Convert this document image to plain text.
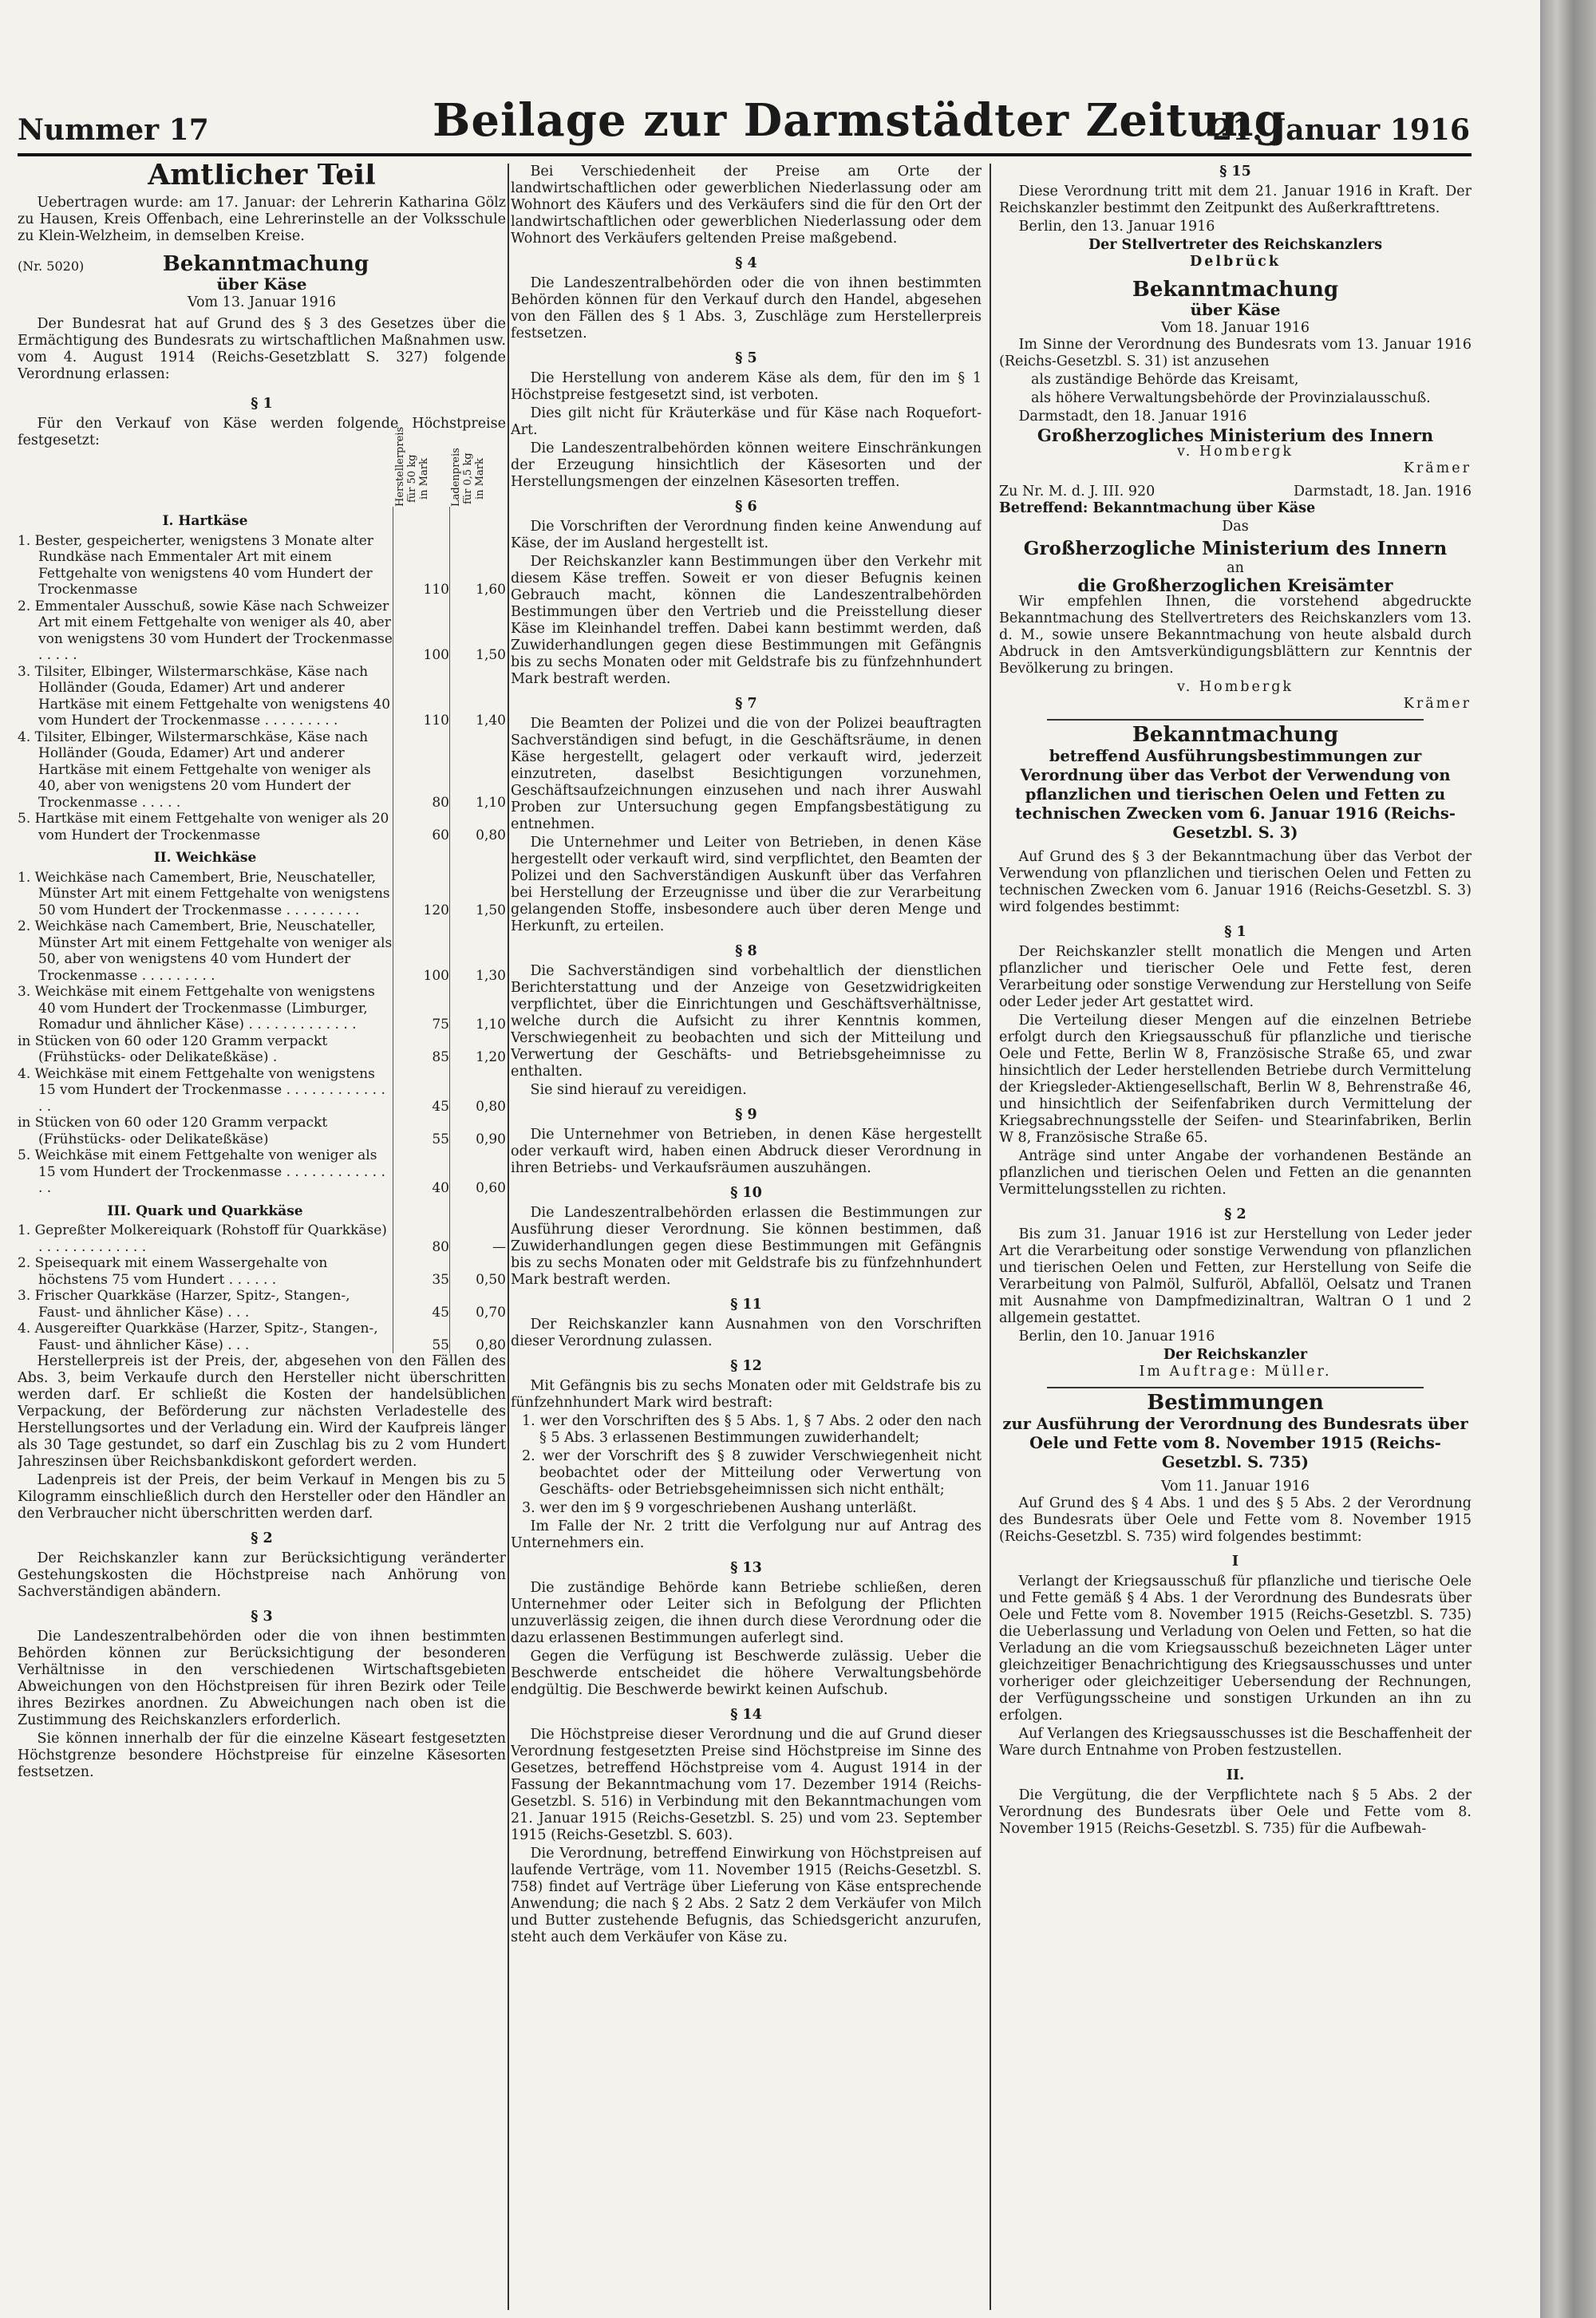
Nummer 17	Beilage zur Darmstädter Zeitung
21. Januar 1916
Amtlicher Teil

Uebertragen wurde: am 17. Januar: der Lehrerin Katharina Gölz zu Hausen, Kreis Offenbach, eine Lehrerinstelle an der Volksschule zu Klein-Welzheim, in demselben Kreise.

(Nr. 5020)	Bekanntmachung
über Käse
Vom 13. Januar 1916

Der Bundesrat hat auf Grund des § 3 des Gesetzes über die Ermächtigung des Bundesrats zu wirtschaftlichen Maßnahmen usw. vom 4. August 1914 (Reichs-Gesetzblatt S. 327) folgende Verordnung erlassen:

§ 1

Für den Verkauf von Käse werden folgende Höchstpreise festgesetzt:	Herstellerpreis für 50 kg in Mark	Ladenpreis für 0,5 kg in Mark
I. Hartkäse		
1. Bester, gespeicherter, wenigstens 3 Monate alter Rundkäse nach Emmentaler Art mit einem Fettgehalte von wenigstens 40 vom Hundert der Trockenmasse	110	1,60
2. Emmentaler Ausschuß, sowie Käse nach Schweizer Art mit einem Fettgehalte von weniger als 40, aber von wenigstens 30 vom Hundert der Trockenmasse . . . . .	100	1,50
3. Tilsiter, Elbinger, Wilstermarschkäse, Käse nach Holländer (Gouda, Edamer) Art und anderer Hartkäse mit einem Fettgehalte von wenigstens 40 vom Hundert der Trockenmasse . . . . . . . . .	110	1,40
4. Tilsiter, Elbinger, Wilstermarschkäse, Käse nach Holländer (Gouda, Edamer) Art und anderer Hartkäse mit einem Fettgehalte von weniger als 40, aber von wenigstens 20 vom Hundert der Trockenmasse . . . . .	80	1,10
5. Hartkäse mit einem Fettgehalte von weniger als 20 vom Hundert der Trockenmasse	60	0,80
II. Weichkäse		
1. Weichkäse nach Camembert, Brie, Neuschateller, Münster Art mit einem Fettgehalte von wenigstens 50 vom Hundert der Trockenmasse . . . . . . . . .	120	1,50
2. Weichkäse nach Camembert, Brie, Neuschateller, Münster Art mit einem Fettgehalte von weniger als 50, aber von wenigstens 40 vom Hundert der Trockenmasse . . . . . . . . .	100	1,30
3. Weichkäse mit einem Fettgehalte von wenigstens 40 vom Hundert der Trockenmasse (Limburger, Romadur und ähnlicher Käse) . . . . . . . . . . . . .	75	1,10
in Stücken von 60 oder 120 Gramm verpackt (Frühstücks- oder Delikateßkäse) .	85	1,20
4. Weichkäse mit einem Fettgehalte von wenigstens 15 vom Hundert der Trockenmasse . . . . . . . . . . . . . .	45	0,80
in Stücken von 60 oder 120 Gramm verpackt (Frühstücks- oder Delikateßkäse)	55	0,90
5. Weichkäse mit einem Fettgehalte von weniger als 15 vom Hundert der Trockenmasse . . . . . . . . . . . . . .	40	0,60
III. Quark und Quarkkäse		
1. Gepreßter Molkereiquark (Rohstoff für Quarkkäse) . . . . . . . . . . . . .	80	—
2. Speisequark mit einem Wassergehalte von höchstens 75 vom Hundert . . . . . .	35	0,50
3. Frischer Quarkkäse (Harzer, Spitz-, Stangen-, Faust- und ähnlicher Käse) . . .	45	0,70
4. Ausgereifter Quarkkäse (Harzer, Spitz-, Stangen-, Faust- und ähnlicher Käse) . . .	55	0,80

Herstellerpreis ist der Preis, der, abgesehen von den Fällen des Abs. 3, beim Verkaufe durch den Hersteller nicht überschritten werden darf. Er schließt die Kosten der handelsüblichen Verpackung, der Beförderung zur nächsten Verladestelle des Herstellungsortes und der Verladung ein. Wird der Kaufpreis länger als 30 Tage gestundet, so darf ein Zuschlag bis zu 2 vom Hundert Jahreszinsen über Reichsbankdiskont gefordert werden.

Ladenpreis ist der Preis, der beim Verkauf in Mengen bis zu 5 Kilogramm einschließlich durch den Hersteller oder den Händler an den Verbraucher nicht überschritten werden darf.

§ 2

Der Reichskanzler kann zur Berücksichtigung veränderter Gestehungskosten die Höchstpreise nach Anhörung von Sachverständigen abändern.

§ 3

Die Landeszentralbehörden oder die von ihnen bestimmten Behörden können zur Berücksichtigung der besonderen Verhältnisse in den verschiedenen Wirtschaftsgebieten Abweichungen von den Höchstpreisen für ihren Bezirk oder Teile ihres Bezirkes anordnen. Zu Abweichungen nach oben ist die Zustimmung des Reichskanzlers erforderlich.

Sie können innerhalb der für die einzelne Käseart festgesetzten Höchstgrenze besondere Höchstpreise für einzelne Käsesorten festsetzen.

Bei Verschiedenheit der Preise am Orte der landwirtschaftlichen oder gewerblichen Niederlassung oder am Wohnort des Käufers und des Verkäufers sind die für den Ort der landwirtschaftlichen oder gewerblichen Niederlassung oder dem Wohnort des Verkäufers geltenden Preise maßgebend.

§ 4

Die Landeszentralbehörden oder die von ihnen bestimmten Behörden können für den Verkauf durch den Handel, abgesehen von den Fällen des § 1 Abs. 3, Zuschläge zum Herstellerpreis festsetzen.

§ 5

Die Herstellung von anderem Käse als dem, für den im § 1 Höchstpreise festgesetzt sind, ist verboten.

Dies gilt nicht für Kräuterkäse und für Käse nach Roquefort-Art.

Die Landeszentralbehörden können weitere Einschränkungen der Erzeugung hinsichtlich der Käsesorten und der Herstellungsmengen der einzelnen Käsesorten treffen.

§ 6

Die Vorschriften der Verordnung finden keine Anwendung auf Käse, der im Ausland hergestellt ist.

Der Reichskanzler kann Bestimmungen über den Verkehr mit diesem Käse treffen. Soweit er von dieser Befugnis keinen Gebrauch macht, können die Landeszentralbehörden Bestimmungen über den Vertrieb und die Preisstellung dieser Käse im Kleinhandel treffen. Dabei kann bestimmt werden, daß Zuwiderhandlungen gegen diese Bestimmungen mit Gefängnis bis zu sechs Monaten oder mit Geldstrafe bis zu fünfzehnhundert Mark bestraft werden.

§ 7

Die Beamten der Polizei und die von der Polizei beauftragten Sachverständigen sind befugt, in die Geschäftsräume, in denen Käse hergestellt, gelagert oder verkauft wird, jederzeit einzutreten, daselbst Besichtigungen vorzunehmen, Geschäftsaufzeichnungen einzusehen und nach ihrer Auswahl Proben zur Untersuchung gegen Empfangsbestätigung zu entnehmen.

Die Unternehmer und Leiter von Betrieben, in denen Käse hergestellt oder verkauft wird, sind verpflichtet, den Beamten der Polizei und den Sachverständigen Auskunft über das Verfahren bei Herstellung der Erzeugnisse und über die zur Verarbeitung gelangenden Stoffe, insbesondere auch über deren Menge und Herkunft, zu erteilen.

§ 8

Die Sachverständigen sind vorbehaltlich der dienstlichen Berichterstattung und der Anzeige von Gesetzwidrigkeiten verpflichtet, über die Einrichtungen und Geschäftsverhältnisse, welche durch die Aufsicht zu ihrer Kenntnis kommen, Verschwiegenheit zu beobachten und sich der Mitteilung und Verwertung der Geschäfts- und Betriebsgeheimnisse zu enthalten.

Sie sind hierauf zu vereidigen.

§ 9

Die Unternehmer von Betrieben, in denen Käse hergestellt oder verkauft wird, haben einen Abdruck dieser Verordnung in ihren Betriebs- und Verkaufsräumen auszuhängen.

§ 10

Die Landeszentralbehörden erlassen die Bestimmungen zur Ausführung dieser Verordnung. Sie können bestimmen, daß Zuwiderhandlungen gegen diese Bestimmungen mit Gefängnis bis zu sechs Monaten oder mit Geldstrafe bis zu fünfzehnhundert Mark bestraft werden.

§ 11

Der Reichskanzler kann Ausnahmen von den Vorschriften dieser Verordnung zulassen.

§ 12

Mit Gefängnis bis zu sechs Monaten oder mit Geldstrafe bis zu fünfzehnhundert Mark wird bestraft:

1. wer den Vorschriften des § 5 Abs. 1, § 7 Abs. 2 oder den nach § 5 Abs. 3 erlassenen Bestimmungen zuwiderhandelt;

2. wer der Vorschrift des § 8 zuwider Verschwiegenheit nicht beobachtet oder der Mitteilung oder Verwertung von Geschäfts- oder Betriebsgeheimnissen sich nicht enthält;

3. wer den im § 9 vorgeschriebenen Aushang unterläßt.

Im Falle der Nr. 2 tritt die Verfolgung nur auf Antrag des Unternehmers ein.

§ 13

Die zuständige Behörde kann Betriebe schließen, deren Unternehmer oder Leiter sich in Befolgung der Pflichten unzuverlässig zeigen, die ihnen durch diese Verordnung oder die dazu erlassenen Bestimmungen auferlegt sind.

Gegen die Verfügung ist Beschwerde zulässig. Ueber die Beschwerde entscheidet die höhere Verwaltungsbehörde endgültig. Die Beschwerde bewirkt keinen Aufschub.

§ 14

Die Höchstpreise dieser Verordnung und die auf Grund dieser Verordnung festgesetzten Preise sind Höchstpreise im Sinne des Gesetzes, betreffend Höchstpreise vom 4. August 1914 in der Fassung der Bekanntmachung vom 17. Dezember 1914 (Reichs-Gesetzbl. S. 516) in Verbindung mit den Bekanntmachungen vom 21. Januar 1915 (Reichs-Gesetzbl. S. 25) und vom 23. September 1915 (Reichs-Gesetzbl. S. 603).

Die Verordnung, betreffend Einwirkung von Höchstpreisen auf laufende Verträge, vom 11. November 1915 (Reichs-Gesetzbl. S. 758) findet auf Verträge über Lieferung von Käse entsprechende Anwendung; die nach § 2 Abs. 2 Satz 2 dem Verkäufer von Milch und Butter zustehende Befugnis, das Schiedsgericht anzurufen, steht auch dem Verkäufer von Käse zu.

§ 15

Diese Verordnung tritt mit dem 21. Januar 1916 in Kraft. Der Reichskanzler bestimmt den Zeitpunkt des Außerkrafttretens.

Berlin, den 13. Januar 1916

Der Stellvertreter des Reichskanzlers
Delbrück
Bekanntmachung
über Käse
Vom 18. Januar 1916

Im Sinne der Verordnung des Bundesrats vom 13. Januar 1916 (Reichs-Gesetzbl. S. 31) ist anzusehen

als zuständige Behörde das Kreisamt,

als höhere Verwaltungsbehörde der Provinzialausschuß.

Darmstadt, den 18. Januar 1916

Großherzogliches Ministerium des Innern
v. Hombergk
Krämer
Zu Nr. M. d. J. III. 920	Darmstadt, 18. Jan. 1916

Betreffend: Bekanntmachung über Käse

Das
Großherzogliche Ministerium des Innern
an
die Großherzoglichen Kreisämter

Wir empfehlen Ihnen, die vorstehend abgedruckte Bekanntmachung des Stellvertreters des Reichskanzlers vom 13. d. M., sowie unsere Bekanntmachung von heute alsbald durch Abdruck in den Amtsverkündigungsblättern zur Kenntnis der Bevölkerung zu bringen.

v. Hombergk
Krämer
Bekanntmachung
betreffend Ausführungsbestimmungen zur Verordnung über das Verbot der Verwendung von pflanzlichen und tierischen Oelen und Fetten zu technischen Zwecken vom 6. Januar 1916 (Reichs-Gesetzbl. S. 3)

Auf Grund des § 3 der Bekanntmachung über das Verbot der Verwendung von pflanzlichen und tierischen Oelen und Fetten zu technischen Zwecken vom 6. Januar 1916 (Reichs-Gesetzbl. S. 3) wird folgendes bestimmt:

§ 1

Der Reichskanzler stellt monatlich die Mengen und Arten pflanzlicher und tierischer Oele und Fette fest, deren Verarbeitung oder sonstige Verwendung zur Herstellung von Seife oder Leder jeder Art gestattet wird.

Die Verteilung dieser Mengen auf die einzelnen Betriebe erfolgt durch den Kriegsausschuß für pflanzliche und tierische Oele und Fette, Berlin W 8, Französische Straße 65, und zwar hinsichtlich der Leder herstellenden Betriebe durch Vermittelung der Kriegsleder-Aktiengesellschaft, Berlin W 8, Behrenstraße 46, und hinsichtlich der Seifenfabriken durch Vermittelung der Kriegsabrechnungsstelle der Seifen- und Stearinfabriken, Berlin W 8, Französische Straße 65.

Anträge sind unter Angabe der vorhandenen Bestände an pflanzlichen und tierischen Oelen und Fetten an die genannten Vermittelungsstellen zu richten.

§ 2

Bis zum 31. Januar 1916 ist zur Herstellung von Leder jeder Art die Verarbeitung oder sonstige Verwendung von pflanzlichen und tierischen Oelen und Fetten, zur Herstellung von Seife die Verarbeitung von Palmöl, Sulfuröl, Abfallöl, Oelsatz und Tranen mit Ausnahme von Dampfmedizinaltran, Waltran O 1 und 2 allgemein gestattet.

Berlin, den 10. Januar 1916

Der Reichskanzler
Im Auftrage: Müller.
Bestimmungen
zur Ausführung der Verordnung des Bundesrats über Oele und Fette vom 8. November 1915 (Reichs-Gesetzbl. S. 735)
Vom 11. Januar 1916

Auf Grund des § 4 Abs. 1 und des § 5 Abs. 2 der Verordnung des Bundesrats über Oele und Fette vom 8. November 1915 (Reichs-Gesetzbl. S. 735) wird folgendes bestimmt:

I

Verlangt der Kriegsausschuß für pflanzliche und tierische Oele und Fette gemäß § 4 Abs. 1 der Verordnung des Bundesrats über Oele und Fette vom 8. November 1915 (Reichs-Gesetzbl. S. 735) die Ueberlassung und Verladung von Oelen und Fetten, so hat die Verladung an die vom Kriegsausschuß bezeichneten Läger unter gleichzeitiger Benachrichtigung des Kriegsausschusses und unter vorheriger oder gleichzeitiger Uebersendung der Rechnungen, der Verfügungsscheine und sonstigen Urkunden an ihn zu erfolgen.

Auf Verlangen des Kriegsausschusses ist die Beschaffenheit der Ware durch Entnahme von Proben festzustellen.

II.

Die Vergütung, die der Verpflichtete nach § 5 Abs. 2 der Verordnung des Bundesrats über Oele und Fette vom 8. November 1915 (Reichs-Gesetzbl. S. 735) für die Aufbewah-
